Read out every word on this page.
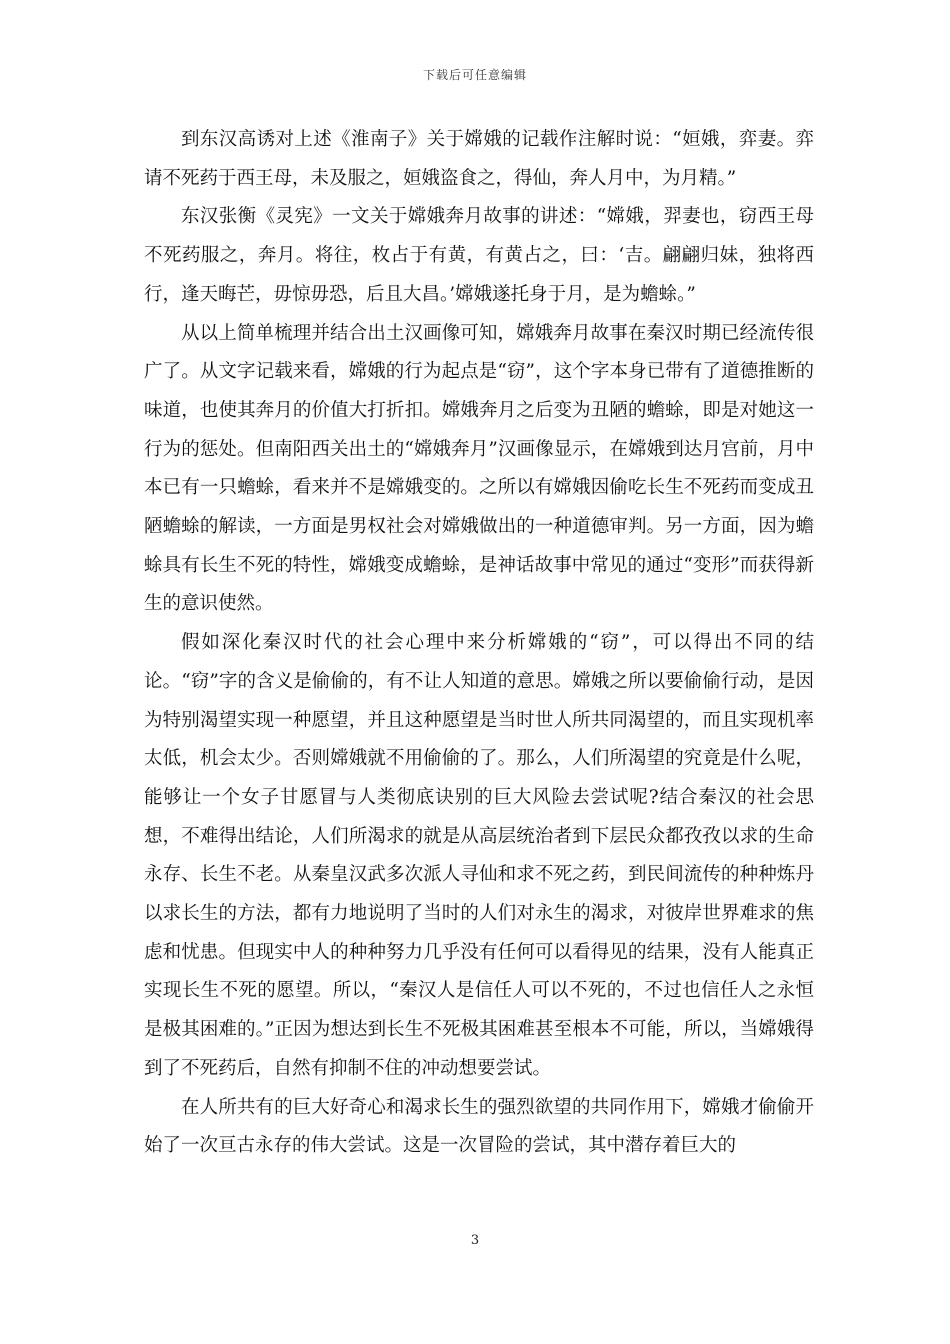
下载后可任意编辑

到东汉高诱对上述《淮南子》关于嫦娥的记载作注解时说：“姮娥，弈妻。弈请不死药于西王母，未及服之，姮娥盗食之，得仙，奔人月中，为月精。”

东汉张衡《灵宪》一文关于嫦娥奔月故事的讲述：“嫦娥，羿妻也，窃西王母不死药服之，奔月。将往，枚占于有黄，有黄占之，曰：‘吉。翩翩归妹，独将西行，逢天晦芒，毋惊毋恐，后且大昌。’嫦娥遂托身于月，是为蟾蜍。”

从以上简单梳理并结合出土汉画像可知，嫦娥奔月故事在秦汉时期已经流传很广了。从文字记载来看，嫦娥的行为起点是“窃”，这个字本身已带有了道德推断的味道，也使其奔月的价值大打折扣。嫦娥奔月之后变为丑陋的蟾蜍，即是对她这一行为的惩处。但南阳西关出土的“嫦娥奔月”汉画像显示，在嫦娥到达月宫前，月中本已有一只蟾蜍，看来并不是嫦娥变的。之所以有嫦娥因偷吃长生不死药而变成丑陋蟾蜍的解读，一方面是男权社会对嫦娥做出的一种道德审判。另一方面，因为蟾蜍具有长生不死的特性，嫦娥变成蟾蜍，是神话故事中常见的通过“变形”而获得新生的意识使然。

假如深化秦汉时代的社会心理中来分析嫦娥的“窃”，可以得出不同的结论。“窃”字的含义是偷偷的，有不让人知道的意思。嫦娥之所以要偷偷行动，是因为特别渴望实现一种愿望，并且这种愿望是当时世人所共同渴望的，而且实现机率太低，机会太少。否则嫦娥就不用偷偷的了。那么，人们所渴望的究竟是什么呢，能够让一个女子甘愿冒与人类彻底诀别的巨大风险去尝试呢?结合秦汉的社会思想，不难得出结论，人们所渴求的就是从高层统治者到下层民众都孜孜以求的生命永存、长生不老。从秦皇汉武多次派人寻仙和求不死之药，到民间流传的种种炼丹以求长生的方法，都有力地说明了当时的人们对永生的渴求，对彼岸世界难求的焦虑和忧患。但现实中人的种种努力几乎没有任何可以看得见的结果，没有人能真正实现长生不死的愿望。所以，“秦汉人是信任人可以不死的，不过也信任人之永恒是极其困难的。”正因为想达到长生不死极其困难甚至根本不可能，所以，当嫦娥得到了不死药后，自然有抑制不住的冲动想要尝试。

在人所共有的巨大好奇心和渴求长生的强烈欲望的共同作用下，嫦娥才偷偷开始了一次亘古永存的伟大尝试。这是一次冒险的尝试，其中潜存着巨大的

3
